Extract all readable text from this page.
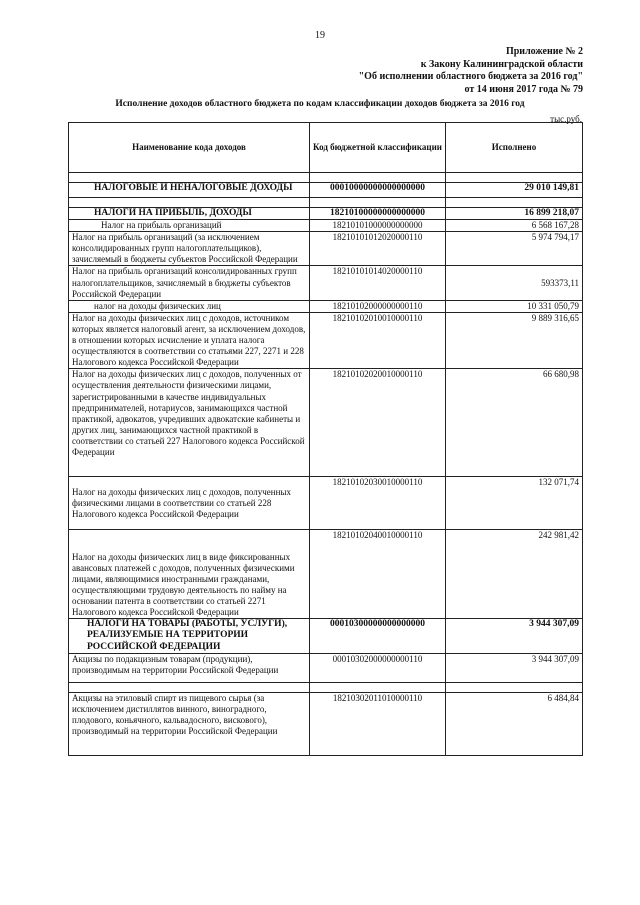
19
Приложение № 2
к Закону Калининградской области
"Об исполнении областного бюджета за 2016 год"
от 14 июня 2017 года № 79
Исполнение доходов областного бюджета по кодам классификации доходов бюджета за 2016 год
тыс.руб.
Наименование кода доходов	Код бюджетной классификации	Исполнено

НАЛОГОВЫЕ И НЕНАЛОГОВЫЕ ДОХОДЫ	00010000000000000000	29 010 149,81

НАЛОГИ НА ПРИБЫЛЬ, ДОХОДЫ	18210100000000000000	16 899 218,07
Налог на прибыль организаций	18210101000000000000	6 568 167,28
Налог на прибыль организаций (за исключением консолидированных групп налогоплательщиков), зачисляемый в бюджеты субъектов Российской Федерации	18210101012020000110	5 974 794,17
Налог на прибыль организаций консолидированных групп налогоплательщиков, зачисляемый в бюджеты субъектов Российской Федерации	18210101014020000110	593373,11
налог на доходы физических лиц	18210102000000000110	10 331 050,79
Налог на доходы физических лиц с доходов, источником которых является налоговый агент, за исключением доходов, в отношении которых исчисление и уплата налога осуществляются в соответствии со статьями 227, 2271 и 228 Налогового кодекса Российской Федерации	18210102010010000110	9 889 316,65
Налог на доходы физических лиц с доходов, полученных от осуществления деятельности физическими лицами, зарегистрированными в качестве индивидуальных предпринимателей, нотариусов, занимающихся частной практикой, адвокатов, учредивших адвокатские кабинеты и других лиц, занимающихся частной практикой в соответствии со статьей 227 Налогового кодекса Российской Федерации	18210102020010000110	66 680,98
Налог на доходы физических лиц с доходов, полученных физическими лицами в соответствии со статьей 228 Налогового кодекса Российской Федерации	18210102030010000110	132 071,74
Налог на доходы физических лиц в виде фиксированных авансовых платежей с доходов, полученных физическими лицами, являющимися иностранными гражданами, осуществляющими трудовую деятельность по найму на основании патента в соответствии со статьей 2271 Налогового кодекса Российской Федерации	18210102040010000110	242 981,42
НАЛОГИ НА ТОВАРЫ (РАБОТЫ, УСЛУГИ), РЕАЛИЗУЕМЫЕ НА ТЕРРИТОРИИ РОССИЙСКОЙ ФЕДЕРАЦИИ	00010300000000000000	3 944 307,09
Акцизы по подакцизным товарам (продукции), производимым на территории Российской Федерации	00010302000000000110	3 944 307,09

Акцизы на этиловый спирт из пищевого сырья (за исключением дистиллятов винного, виноградного, плодового, коньячного, кальвадосного, вискового), производимый на территории Российской Федерации	18210302011010000110	6 484,84
